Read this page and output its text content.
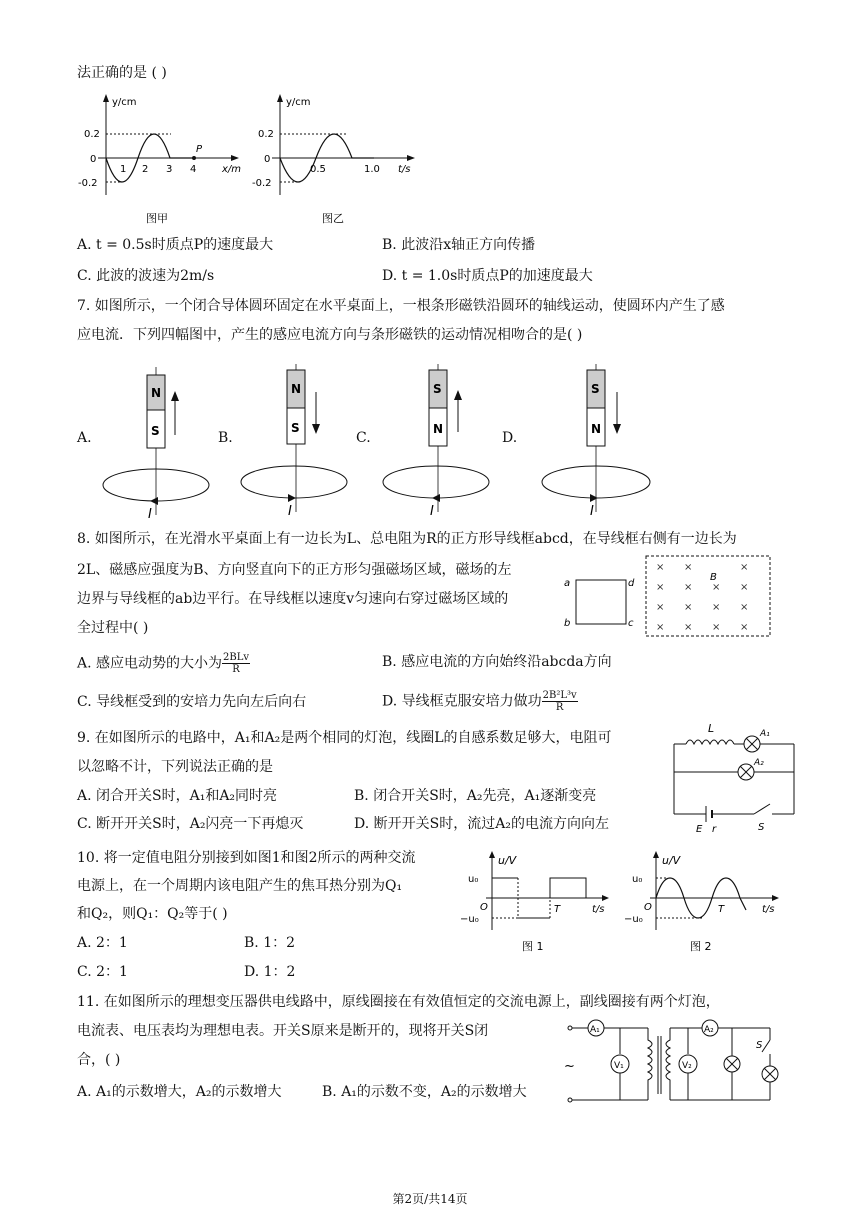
法正确的是 ( )
y/cm
0.2
0
-0.2
1 2 3 4
P
x/m
图甲
y/cm
0.2
0
-0.2
0.5	1.0 t/s
图乙
A. t = 0.5s时质点P的速度最大	B. 此波沿x轴正方向传播
C. 此波的波速为2m/s	D. t = 1.0s时质点P的加速度最大
7. 如图所示，一个闭合导体圆环固定在水平桌面上，一根条形磁铁沿圆环的轴线运动，使圆环内产生了感
应电流．下列四幅图中，产生的感应电流方向与条形磁铁的运动情况相吻合的是( )
A.
N
S
I
B.
N
S
I
C.
S
N
I
D.
S
N
I
8. 如图所示，在光滑水平桌面上有一边长为L、总电阻为R的正方形导线框abcd，在导线框右侧有一边长为
2L、磁感应强度为B、方向竖直向下的正方形匀强磁场区域，磁场的左
边界与导线框的ab边平行。在导线框以速度v匀速向右穿过磁场区域的
全过程中( )
a
b	c
d
B
× ×	×
× × × ×
× × × ×
× × × ×
A. 感应电动势的大小为 $\frac{\text{2BLv}}{R}$	B. 感应电流的方向始终沿abcda方向
C. 导线框受到的安培力先向左后向右	D. 导线框克服安培力做功 $\frac{\text{2B²L³v}}{R}$
9. 在如图所示的电路中，A₁和A₂是两个相同的灯泡，线圈L的自感系数足够大，电阻可
以忽略不计，下列说法正确的是
A. 闭合开关S时，A₁和A₂同时亮	B. 闭合开关S时，A₂先亮，A₁逐渐变亮
C. 断开开关S时，A₂闪亮一下再熄灭	D. 断开开关S时，流过A₂的电流方向向左
L	A₁
A₂
E r	S
10. 将一定值电阻分别接到如图1和图2所示的两种交流
电源上，在一个周期内该电阻产生的焦耳热分别为Q₁
和Q₂，则Q₁：Q₂等于( )
A. 2：1	B. 1：2
C. 2：1	D. 1：2
u/V
u₀
O
−u₀
T	t/s
图 1
u/V
u₀
O
−u₀
T	t/s
图 2
11. 在如图所示的理想变压器供电线路中，原线圈接在有效值恒定的交流电源上，副线圈接有两个灯泡，
电流表、电压表均为理想电表。开关S原来是断开的，现将开关S闭
合，( )
A. A₁的示数增大，A₂的示数增大	B. A₁的示数不变，A₂的示数增大
A₁
~	V₁
A₂
V₂
S
第2页/共14页
